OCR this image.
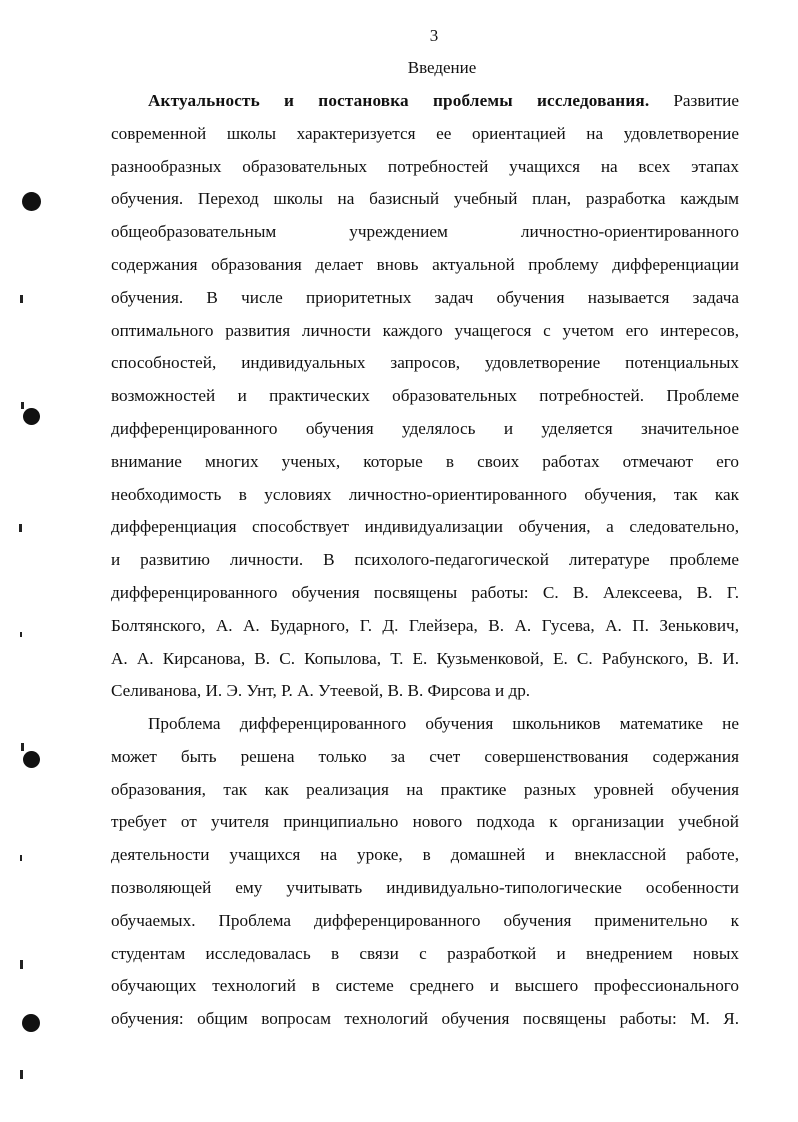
3
Введение
Актуальность и постановка проблемы исследования. Развитие
современной школы характеризуется ее ориентацией на удовлетворение
разнообразных образовательных потребностей учащихся на всех этапах
обучения. Переход школы на базисный учебный план, разработка каждым
общеобразовательным учреждением личностно-ориентированного
содержания образования делает вновь актуальной проблему дифференциации
обучения. В числе приоритетных задач обучения называется задача
оптимального развития личности каждого учащегося с учетом его интересов,
способностей, индивидуальных запросов, удовлетворение потенциальных
возможностей и практических образовательных потребностей. Проблеме
дифференцированного обучения уделялось и уделяется значительное
внимание многих ученых, которые в своих работах отмечают его
необходимость в условиях личностно-ориентированного обучения, так как
дифференциация способствует индивидуализации обучения, а следовательно,
и развитию личности. В психолого-педагогической литературе проблеме
дифференцированного обучения посвящены работы: С. В. Алексеева, В. Г.
Болтянского, А. А. Бударного, Г. Д. Глейзера, В. А. Гусева, А. П. Зенькович,
А. А. Кирсанова, В. С. Копылова, Т. Е. Кузьменковой, Е. С. Рабунского, В. И.
Селиванова, И. Э. Унт, Р. А. Утеевой, В. В. Фирсова и др.
Проблема дифференцированного обучения школьников математике не
может быть решена только за счет совершенствования содержания
образования, так как реализация на практике разных уровней обучения
требует от учителя принципиально нового подхода к организации учебной
деятельности учащихся на уроке, в домашней и внеклассной работе,
позволяющей ему учитывать индивидуально-типологические особенности
обучаемых. Проблема дифференцированного обучения применительно к
студентам исследовалась в связи с разработкой и внедрением новых
обучающих технологий в системе среднего и высшего профессионального
обучения: общим вопросам технологий обучения посвящены работы: М. Я.
